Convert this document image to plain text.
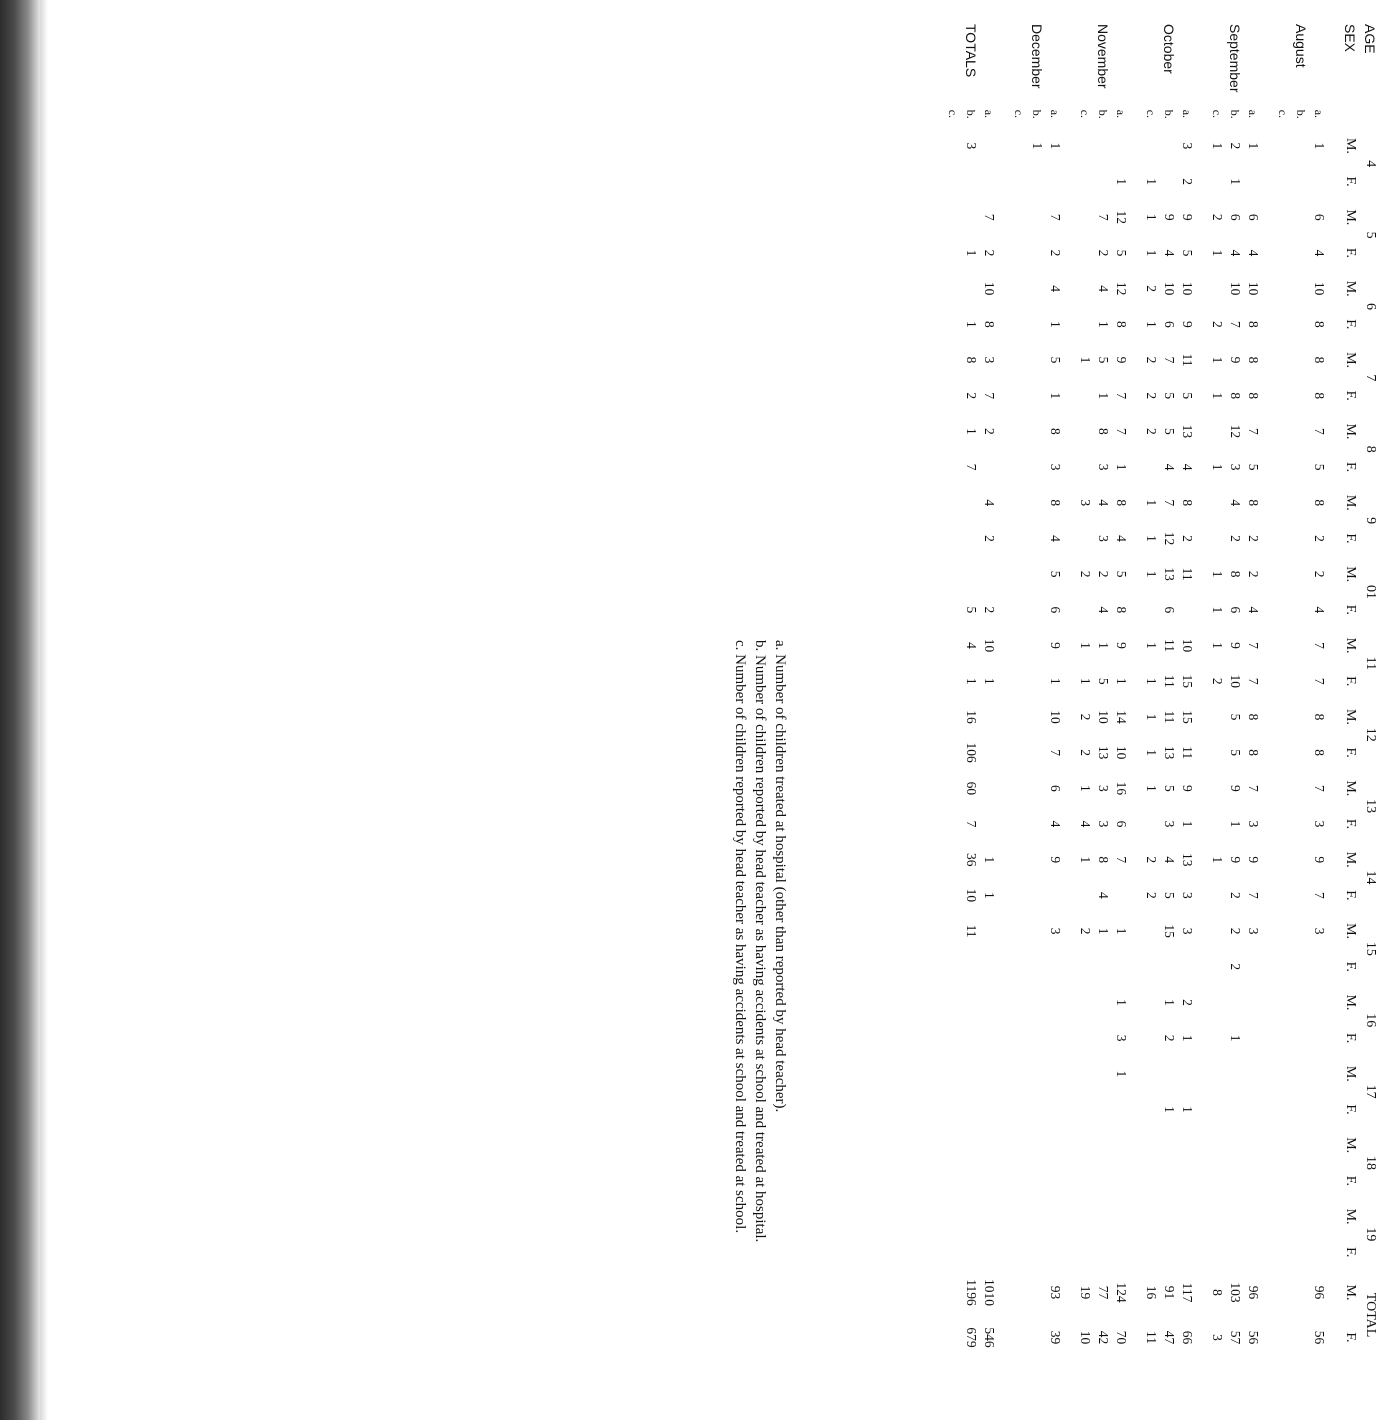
AGE		4		5		6		7		8		9		01		11		12		13		14		15		16		17		18		19		TOTAL	
SEX		M.	F.	M.	F.	M.	F.	M.	F.	M.	F.	M.	F.	M.	F.	M.	F.	M.	F.	M.	F.	M.	F.	M.	F.	M.	F.	M.	F.	M.	F.	M.	F.	M.	F.

	a.	1		6	4	10	8	8	8	7	5	8	2	2	4	7	7	8	8	7	3	9	7	3										96	56
August	b.																																		
	c.																																		

	a.	1		6	4	10	8	8	8	7	5	8	2	2	4	7	7	8	8	7	3	9	7	3										96	56
September	b.	2	1	6	4	10	7	9	8	12	3	4	2	8	6	9	10	5	5	9	1	9	2	2	2		1							103	57
	c.	1		2	1		2	1	1		1			1	1	1	2					1												8	3

	a.	3	2	9	5	10	9	11	5	13	4	8	2	11		10	15	15	11	9	1	13	3	3		2	1		1					117	66
October	b.			9	4	10	6	7	5	5	4	7	12	13	6	11	11	11	13	5	3	4	5	15		1	2		1					91	47
	c.		1	1	1	2	1	2	2	2		1	1	1		1	1	1	1	1		2	2											16	11

	a.		1	12	5	12	8	9	7	7	1	8	4	5	8	9	1	14	10	16	6	7		1		1	3	1						124	70
November	b.			7	2	4	1	5	1	8	3	4	3	2	4	1	5	10	13	3	3	8	4	1										77	42
	c.							1				3		2		1	1	2	2	1	4	1		2										19	10

	a.	1		7	2	4	1	5	1	8	3	8	4	5	6	9	1	10	7	6	4	9		3										93	39
December	b.	1																																	
	c.																																		

	a.			7	2	10	8	3	7	2		4	2		2	10	1					1	1											1010	546
TOTALS	b.	3			1		1	8	2	1	7				5	4	1	16	106	60	7	36	10	11										1196	679
	c.																																		
a. Number of children treated at hospital (other than reported by head teacher).
b. Number of children reported by head teacher as having accidents at school and treated at hospital.
c. Number of children reported by head teacher as having accidents at school and treated at school.
